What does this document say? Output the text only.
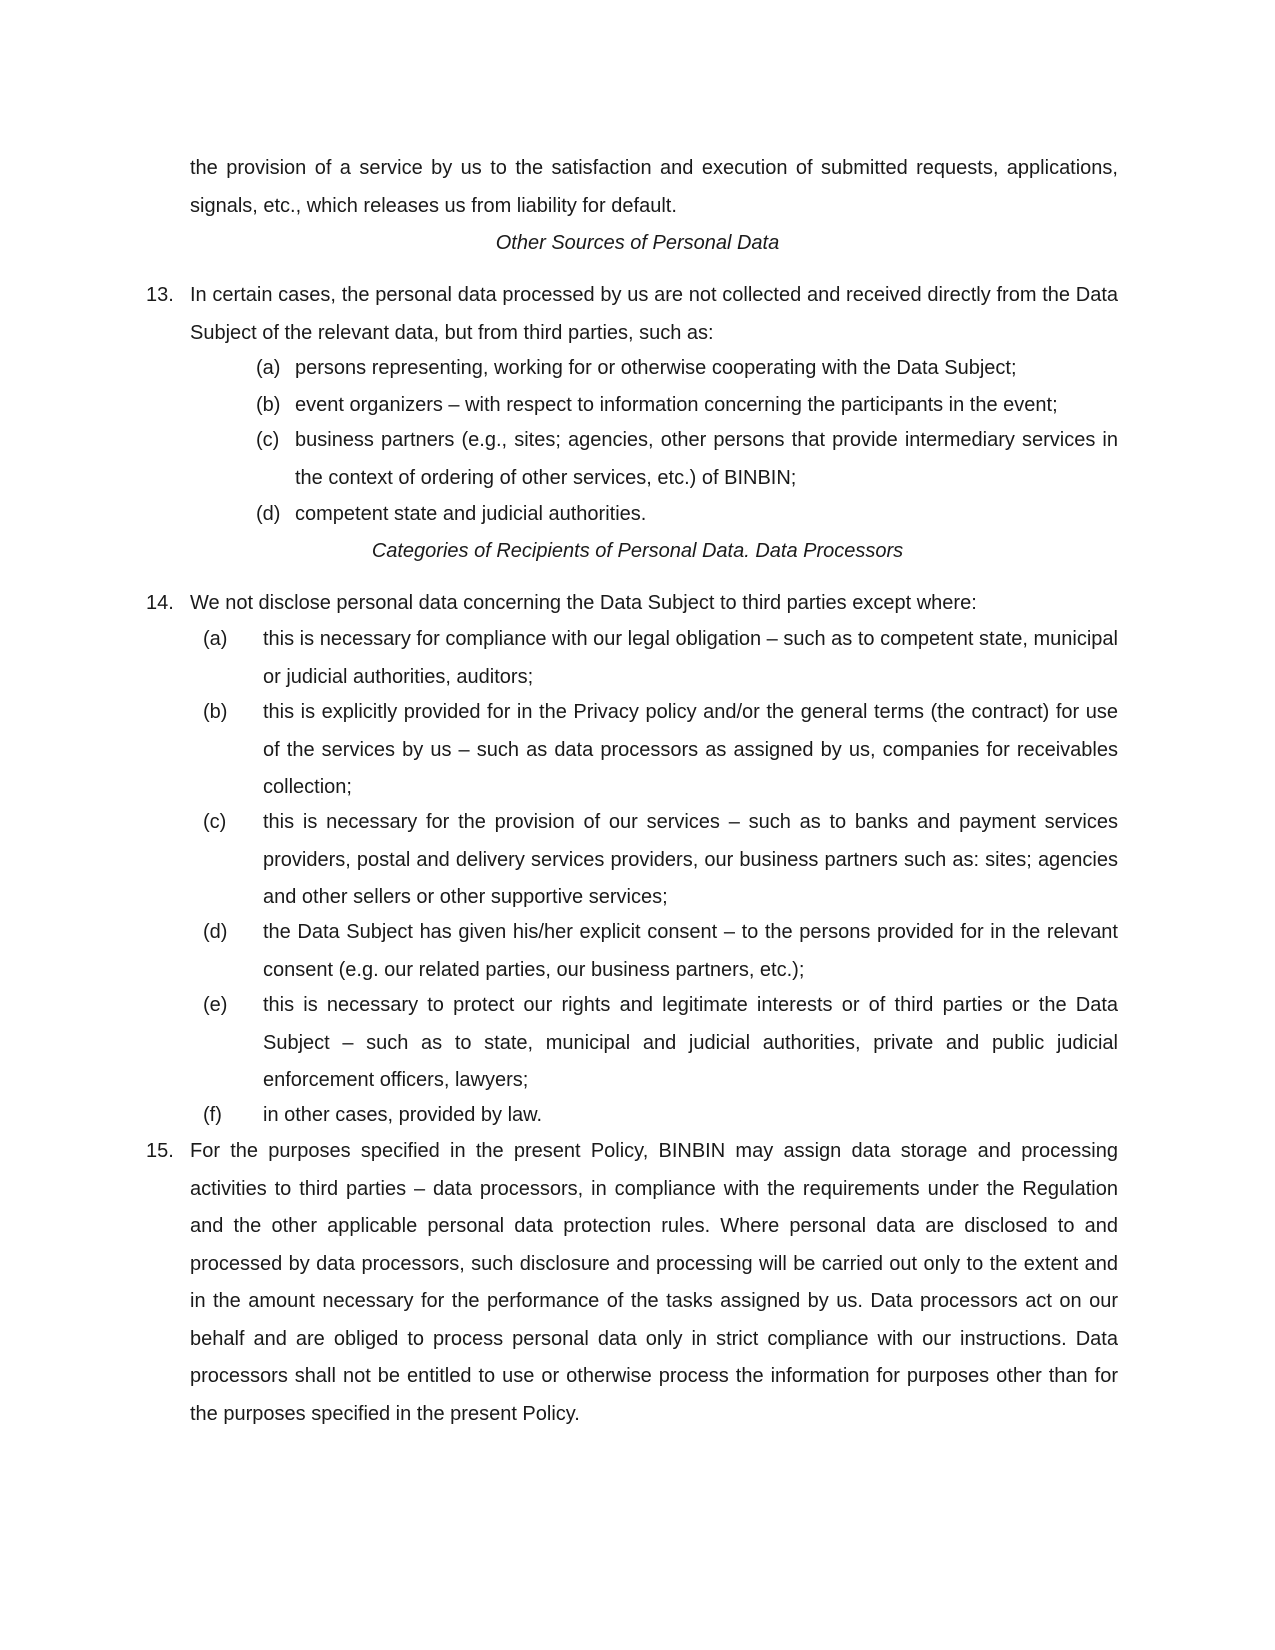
the provision of a service by us to the satisfaction and execution of submitted requests, applications, signals, etc., which releases us from liability for default.
Other Sources of Personal Data
13. In certain cases, the personal data processed by us are not collected and received directly from the Data Subject of the relevant data, but from third parties, such as:
(a) persons representing, working for or otherwise cooperating with the Data Subject;
(b) event organizers – with respect to information concerning the participants in the event;
(c) business partners (e.g., sites; agencies, other persons that provide intermediary services in the context of ordering of other services, etc.) of BINBIN;
(d) competent state and judicial authorities.
Categories of Recipients of Personal Data. Data Processors
14. We not disclose personal data concerning the Data Subject to third parties except where:
(a) this is necessary for compliance with our legal obligation – such as to competent state, municipal or judicial authorities, auditors;
(b) this is explicitly provided for in the Privacy policy and/or the general terms (the contract) for use of the services by us – such as data processors as assigned by us, companies for receivables collection;
(c) this is necessary for the provision of our services – such as to banks and payment services providers, postal and delivery services providers, our business partners such as: sites; agencies and other sellers or other supportive services;
(d) the Data Subject has given his/her explicit consent – to the persons provided for in the relevant consent (e.g. our related parties, our business partners, etc.);
(e) this is necessary to protect our rights and legitimate interests or of third parties or the Data Subject – such as to state, municipal and judicial authorities, private and public judicial enforcement officers, lawyers;
(f) in other cases, provided by law.
15. For the purposes specified in the present Policy, BINBIN may assign data storage and processing activities to third parties – data processors, in compliance with the requirements under the Regulation and the other applicable personal data protection rules. Where personal data are disclosed to and processed by data processors, such disclosure and processing will be carried out only to the extent and in the amount necessary for the performance of the tasks assigned by us. Data processors act on our behalf and are obliged to process personal data only in strict compliance with our instructions. Data processors shall not be entitled to use or otherwise process the information for purposes other than for the purposes specified in the present Policy.
